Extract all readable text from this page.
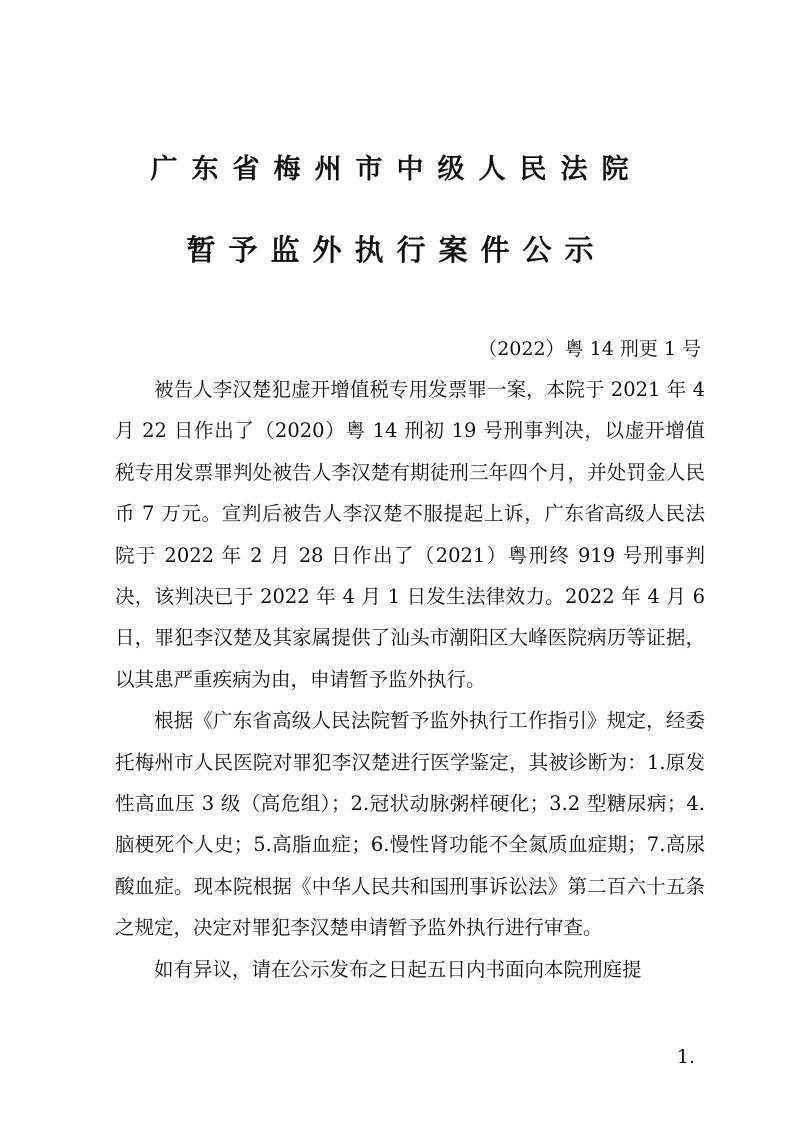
广东省梅州市中级人民法院
暂予监外执行案件公示
（2022）粤 14 刑更 1 号

被告人李汉楚犯虚开增值税专用发票罪一案，本院于 2021 年 4 月 22 日作出了（2020）粤 14 刑初 19 号刑事判决，以虚开增值税专用发票罪判处被告人李汉楚有期徒刑三年四个月，并处罚金人民币 7 万元。宣判后被告人李汉楚不服提起上诉，广东省高级人民法院于 2022 年 2 月 28 日作出了（2021）粤刑终 919 号刑事判决，该判决已于 2022 年 4 月 1 日发生法律效力。2022 年 4 月 6 日，罪犯李汉楚及其家属提供了汕头市潮阳区大峰医院病历等证据，以其患严重疾病为由，申请暂予监外执行。

根据《广东省高级人民法院暂予监外执行工作指引》规定，经委托梅州市人民医院对罪犯李汉楚进行医学鉴定，其被诊断为：1.原发性高血压 3 级（高危组）；2.冠状动脉粥样硬化；3.2 型糖尿病；4.脑梗死个人史；5.高脂血症；6.慢性肾功能不全氮质血症期；7.高尿酸血症。现本院根据《中华人民共和国刑事诉讼法》第二百六十五条之规定，决定对罪犯李汉楚申请暂予监外执行进行审查。

如有异议，请在公示发布之日起五日内书面向本院刑庭提

1.
